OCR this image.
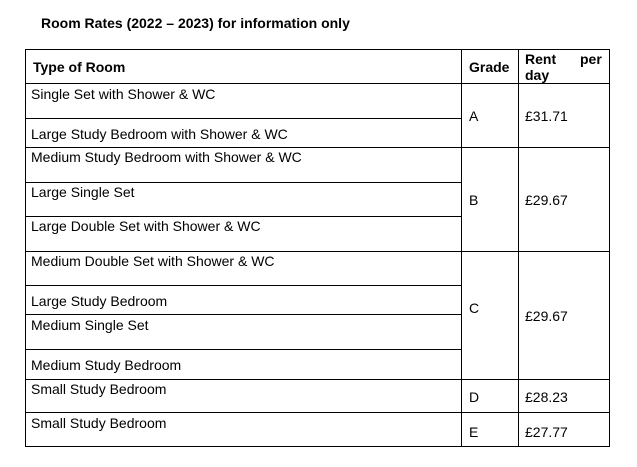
Room Rates (2022 – 2023) for information only
Type of Room	Grade Rent per
day
Single Set with Shower & WC
Large Study Bedroom with Shower & WC
Medium Study Bedroom with Shower & WC
Large Single Set
Large Double Set with Shower & WC
Medium Double Set with Shower & WC
Large Study Bedroom
Medium Single Set
Medium Study Bedroom
Small Study Bedroom
Small Study Bedroom
A
B
C
D
E
£31.71
£29.67
£29.67
£28.23
£27.77
